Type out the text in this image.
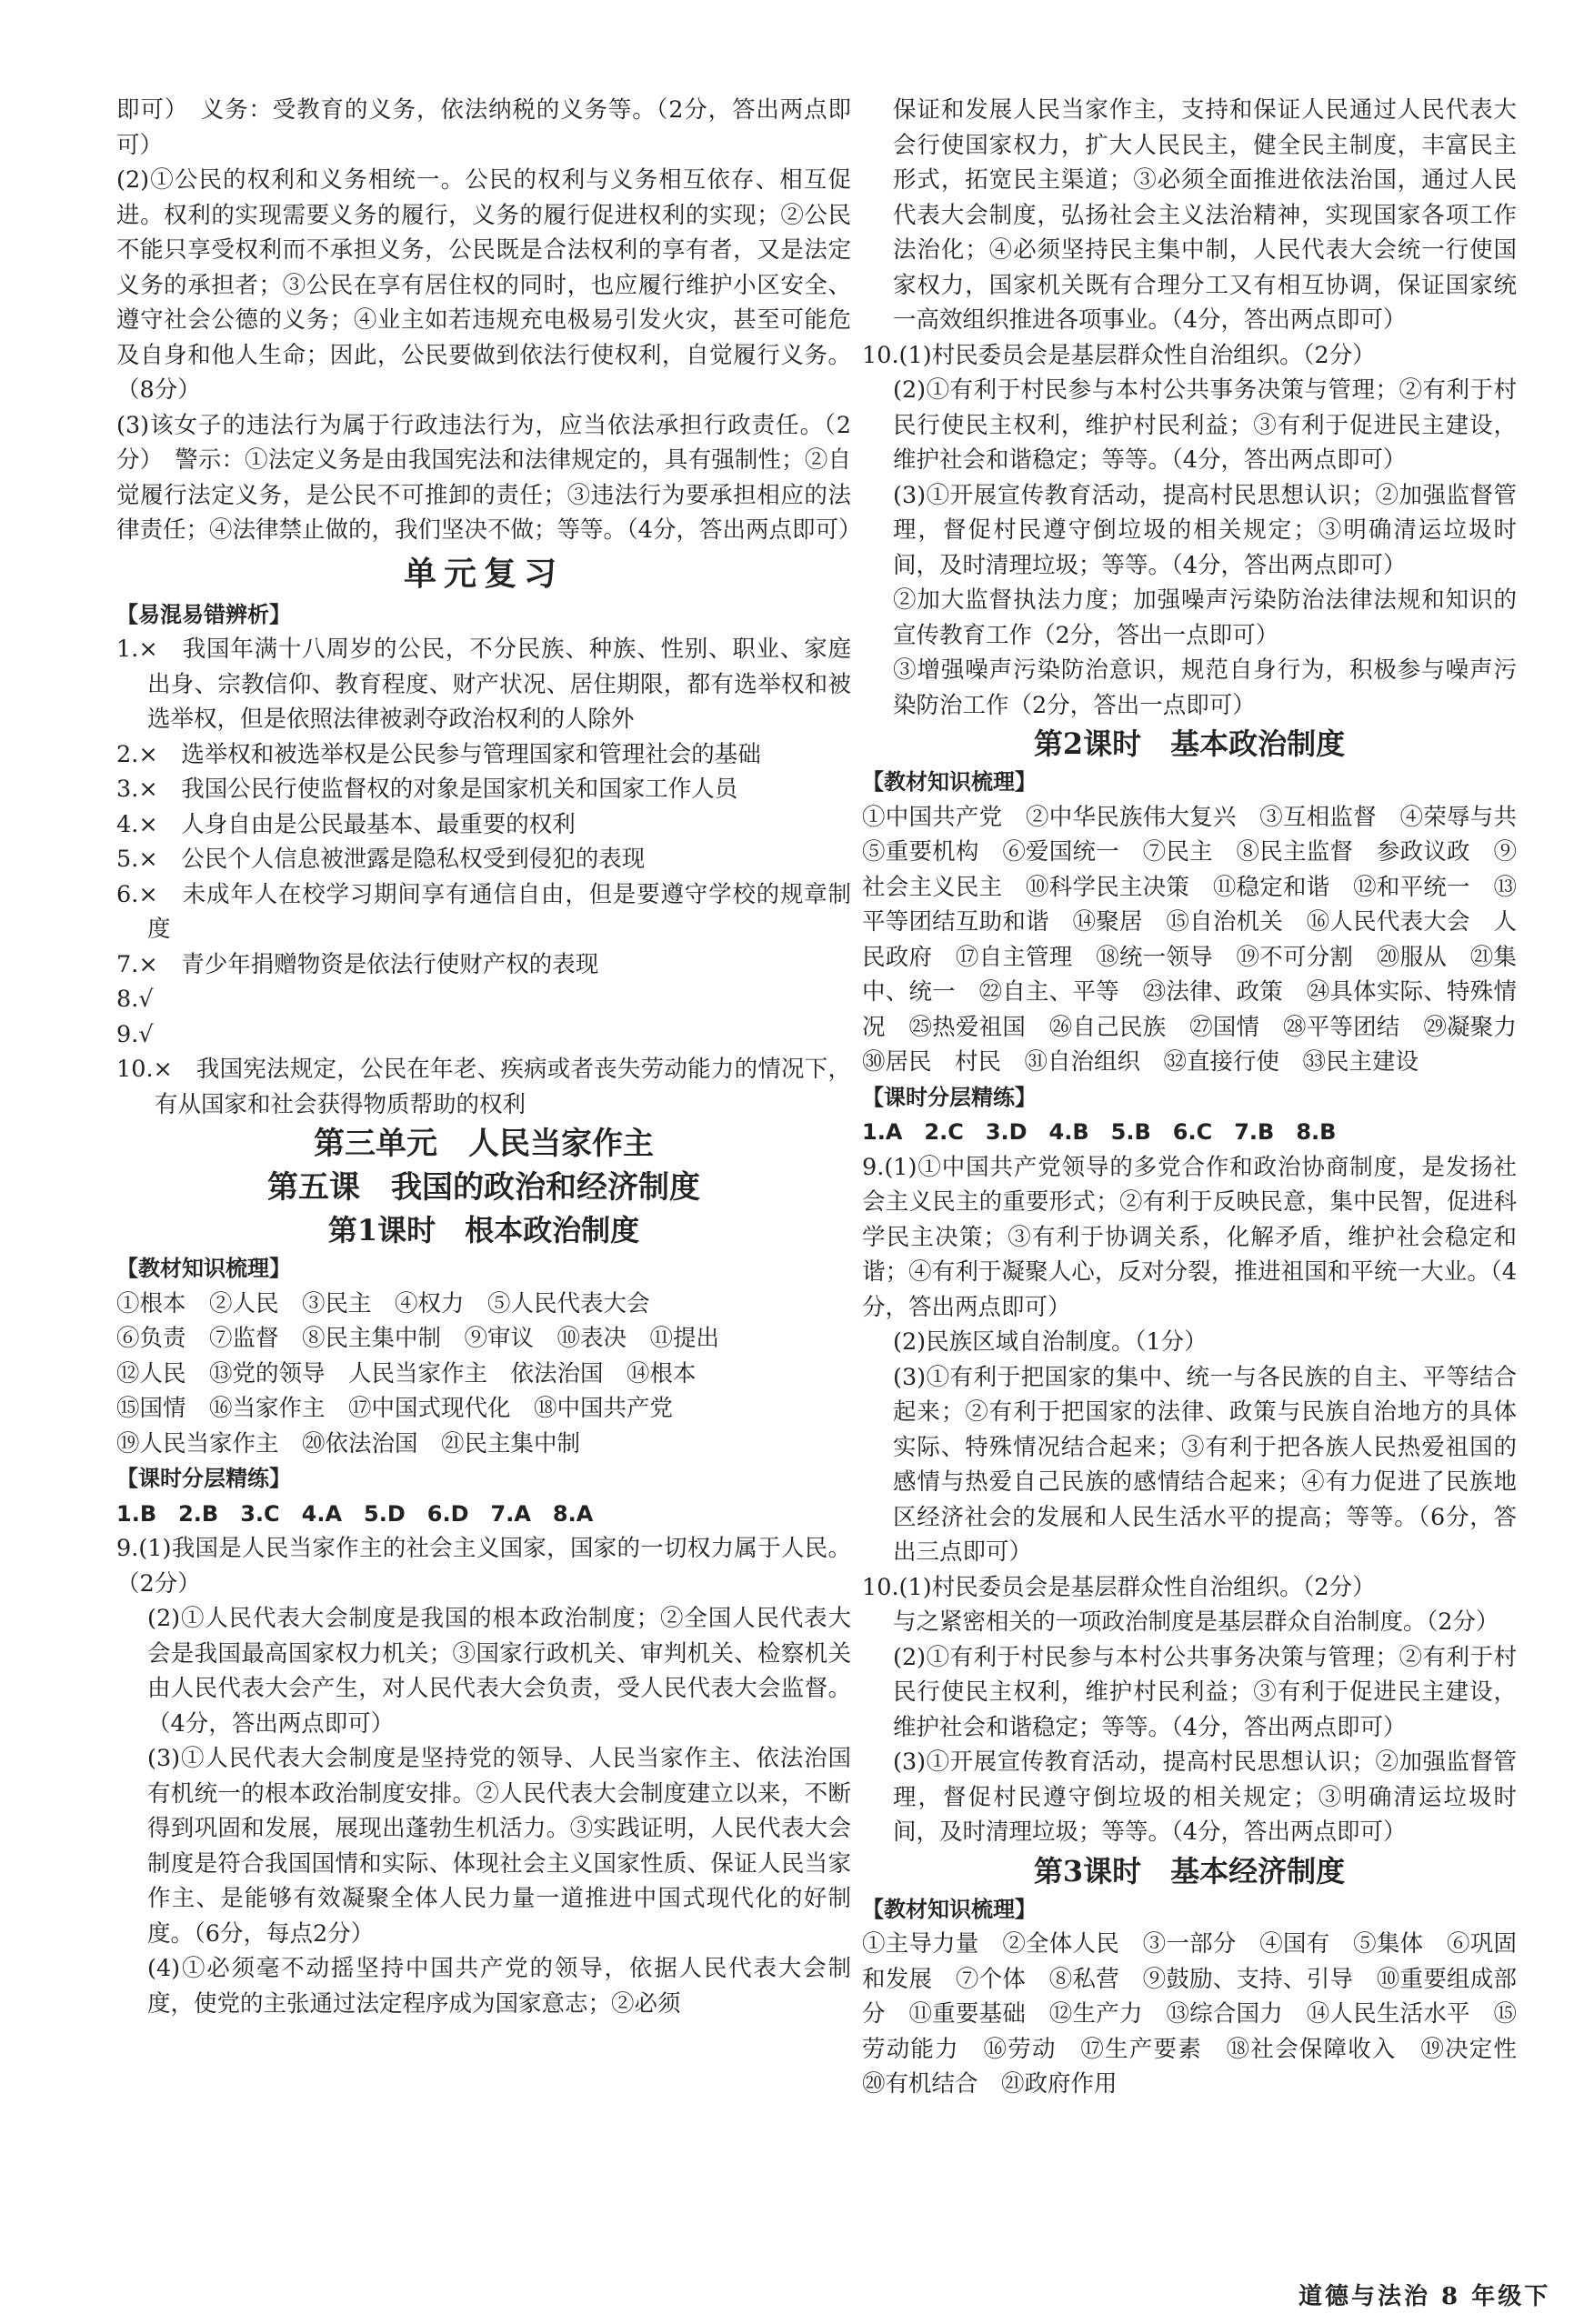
即可）　义务：受教育的义务，依法纳税的义务等。（2分，答出两点即可）

(2)①公民的权利和义务相统一。公民的权利与义务相互依存、相互促进。权利的实现需要义务的履行，义务的履行促进权利的实现；②公民不能只享受权利而不承担义务，公民既是合法权利的享有者，又是法定义务的承担者；③公民在享有居住权的同时，也应履行维护小区安全、遵守社会公德的义务；④业主如若违规充电极易引发火灾，甚至可能危及自身和他人生命；因此，公民要做到依法行使权利，自觉履行义务。（8分）

(3)该女子的违法行为属于行政违法行为，应当依法承担行政责任。（2分）　警示：①法定义务是由我国宪法和法律规定的，具有强制性；②自觉履行法定义务，是公民不可推卸的责任；③违法行为要承担相应的法律责任；④法律禁止做的，我们坚决不做；等等。（4分，答出两点即可）

单元复习

【易混易错辨析】

1.×　我国年满十八周岁的公民，不分民族、种族、性别、职业、家庭出身、宗教信仰、教育程度、财产状况、居住期限，都有选举权和被选举权，但是依照法律被剥夺政治权利的人除外

2.×　选举权和被选举权是公民参与管理国家和管理社会的基础

3.×　我国公民行使监督权的对象是国家机关和国家工作人员

4.×　人身自由是公民最基本、最重要的权利

5.×　公民个人信息被泄露是隐私权受到侵犯的表现

6.×　未成年人在校学习期间享有通信自由，但是要遵守学校的规章制度

7.×　青少年捐赠物资是依法行使财产权的表现

8.√

9.√

10.×　我国宪法规定，公民在年老、疾病或者丧失劳动能力的情况下，有从国家和社会获得物质帮助的权利

第三单元　人民当家作主

第五课　我国的政治和经济制度

第1课时　根本政治制度

【教材知识梳理】

①根本　②人民　③民主　④权力　⑤人民代表大会

⑥负责　⑦监督　⑧民主集中制　⑨审议　⑩表决　⑪提出

⑫人民　⑬党的领导　人民当家作主　依法治国　⑭根本

⑮国情　⑯当家作主　⑰中国式现代化　⑱中国共产党

⑲人民当家作主　⑳依法治国　㉑民主集中制

【课时分层精练】

1.B　2.B　3.C　4.A　5.D　6.D　7.A　8.A

9.(1)我国是人民当家作主的社会主义国家，国家的一切权力属于人民。（2分）

(2)①人民代表大会制度是我国的根本政治制度；②全国人民代表大会是我国最高国家权力机关；③国家行政机关、审判机关、检察机关由人民代表大会产生，对人民代表大会负责，受人民代表大会监督。（4分，答出两点即可）

(3)①人民代表大会制度是坚持党的领导、人民当家作主、依法治国有机统一的根本政治制度安排。②人民代表大会制度建立以来，不断得到巩固和发展，展现出蓬勃生机活力。③实践证明，人民代表大会制度是符合我国国情和实际、体现社会主义国家性质、保证人民当家作主、是能够有效凝聚全体人民力量一道推进中国式现代化的好制度。（6分，每点2分）

(4)①必须毫不动摇坚持中国共产党的领导，依据人民代表大会制度，使党的主张通过法定程序成为国家意志；②必须

保证和发展人民当家作主，支持和保证人民通过人民代表大会行使国家权力，扩大人民民主，健全民主制度，丰富民主形式，拓宽民主渠道；③必须全面推进依法治国，通过人民代表大会制度，弘扬社会主义法治精神，实现国家各项工作法治化；④必须坚持民主集中制，人民代表大会统一行使国家权力，国家机关既有合理分工又有相互协调，保证国家统一高效组织推进各项事业。（4分，答出两点即可）

10.(1)村民委员会是基层群众性自治组织。（2分）

(2)①有利于村民参与本村公共事务决策与管理；②有利于村民行使民主权利，维护村民利益；③有利于促进民主建设，维护社会和谐稳定；等等。（4分，答出两点即可）

(3)①开展宣传教育活动，提高村民思想认识；②加强监督管理，督促村民遵守倒垃圾的相关规定；③明确清运垃圾时间，及时清理垃圾；等等。（4分，答出两点即可）

②加大监督执法力度；加强噪声污染防治法律法规和知识的宣传教育工作（2分，答出一点即可）

③增强噪声污染防治意识，规范自身行为，积极参与噪声污染防治工作（2分，答出一点即可）

第2课时　基本政治制度

【教材知识梳理】

①中国共产党　②中华民族伟大复兴　③互相监督　④荣辱与共　⑤重要机构　⑥爱国统一　⑦民主　⑧民主监督　参政议政　⑨社会主义民主　⑩科学民主决策　⑪稳定和谐　⑫和平统一　⑬平等团结互助和谐　⑭聚居　⑮自治机关　⑯人民代表大会　人民政府　⑰自主管理　⑱统一领导　⑲不可分割　⑳服从　㉑集中、统一　㉒自主、平等　㉓法律、政策　㉔具体实际、特殊情况　㉕热爱祖国　㉖自己民族　㉗国情　㉘平等团结　㉙凝聚力　㉚居民　村民　㉛自治组织　㉜直接行使　㉝民主建设

【课时分层精练】

1.A　2.C　3.D　4.B　5.B　6.C　7.B　8.B

9.(1)①中国共产党领导的多党合作和政治协商制度，是发扬社会主义民主的重要形式；②有利于反映民意，集中民智，促进科学民主决策；③有利于协调关系，化解矛盾，维护社会稳定和谐；④有利于凝聚人心，反对分裂，推进祖国和平统一大业。（4分，答出两点即可）

(2)民族区域自治制度。（1分）

(3)①有利于把国家的集中、统一与各民族的自主、平等结合起来；②有利于把国家的法律、政策与民族自治地方的具体实际、特殊情况结合起来；③有利于把各族人民热爱祖国的感情与热爱自己民族的感情结合起来；④有力促进了民族地区经济社会的发展和人民生活水平的提高；等等。（6分，答出三点即可）

10.(1)村民委员会是基层群众性自治组织。（2分）

与之紧密相关的一项政治制度是基层群众自治制度。（2分）

(2)①有利于村民参与本村公共事务决策与管理；②有利于村民行使民主权利，维护村民利益；③有利于促进民主建设，维护社会和谐稳定；等等。（4分，答出两点即可）

(3)①开展宣传教育活动，提高村民思想认识；②加强监督管理，督促村民遵守倒垃圾的相关规定；③明确清运垃圾时间，及时清理垃圾；等等。（4分，答出两点即可）

第3课时　基本经济制度

【教材知识梳理】

①主导力量　②全体人民　③一部分　④国有　⑤集体　⑥巩固和发展　⑦个体　⑧私营　⑨鼓励、支持、引导　⑩重要组成部分　⑪重要基础　⑫生产力　⑬综合国力　⑭人民生活水平　⑮劳动能力　⑯劳动　⑰生产要素　⑱社会保障收入　⑲决定性　⑳有机结合　㉑政府作用

道德与法治 8 年级下
